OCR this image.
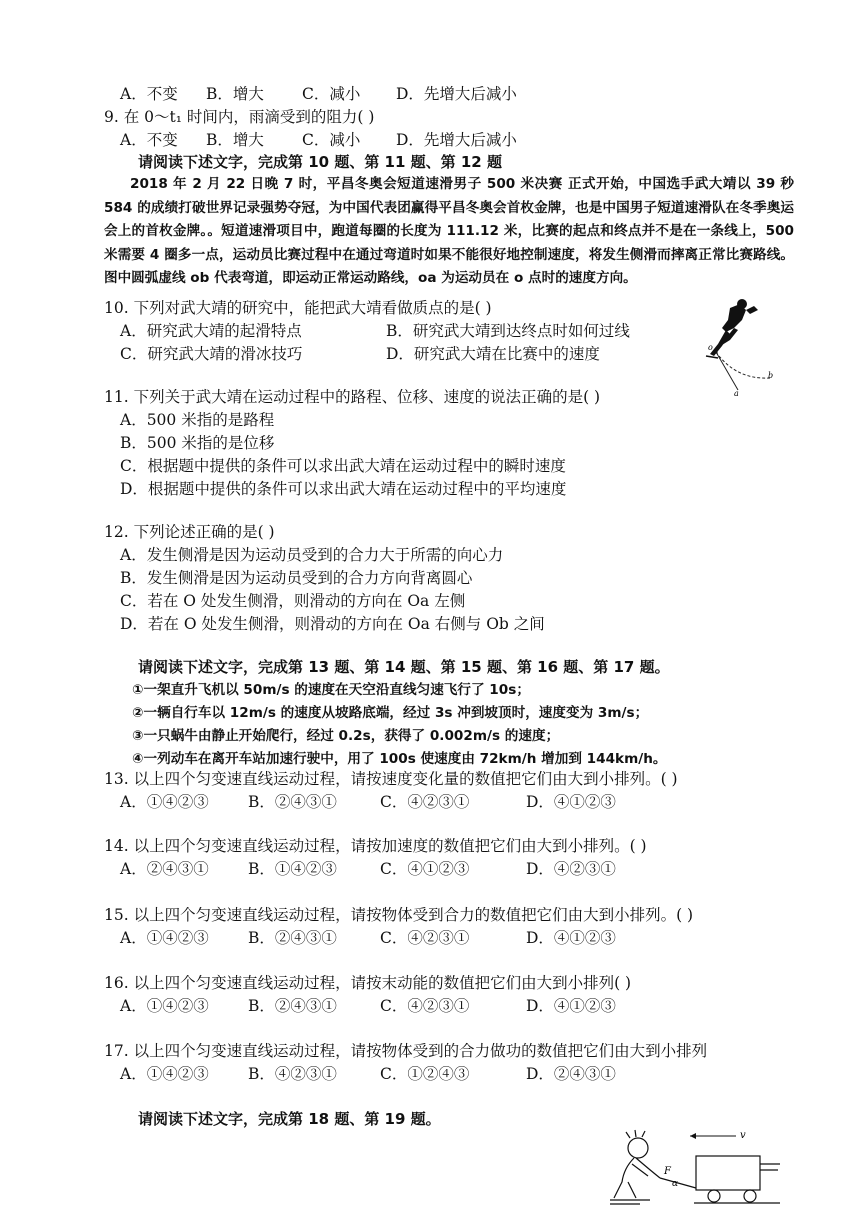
A．不变 B．增大 C．减小 D．先增大后减小
9. 在 0～t₁ 时间内，雨滴受到的阻力( )
A．不变 B．增大 C．减小 D．先增大后减小
请阅读下述文字，完成第 10 题、第 11 题、第 12 题
2018 年 2 月 22 日晚 7 时，平昌冬奥会短道速滑男子 500 米决赛 正式开始，中国选手武大靖以 39 秒 584 的成绩打破世界记录强势夺冠，为中国代表团赢得平昌冬奥会首枚金牌，也是中国男子短道速滑队在冬季奥运会上的首枚金牌。。短道速滑项目中，跑道每圈的长度为 111.12 米，比赛的起点和终点并不是在一条线上，500 米需要 4 圈多一点，运动员比赛过程中在通过弯道时如果不能很好地控制速度，将发生侧滑而摔离正常比赛路线。图中圆弧虚线 ob 代表弯道，即运动正常运动路线，oa 为运动员在 o 点时的速度方向。
10. 下列对武大靖的研究中，能把武大靖看做质点的是( )
A．研究武大靖的起滑特点	B．研究武大靖到达终点时如何过线
C．研究武大靖的滑冰技巧	D．研究武大靖在比赛中的速度	o
a
b
11. 下列关于武大靖在运动过程中的路程、位移、速度的说法正确的是( )
A．500 米指的是路程
B．500 米指的是位移
C．根据题中提供的条件可以求出武大靖在运动过程中的瞬时速度
D．根据题中提供的条件可以求出武大靖在运动过程中的平均速度
12. 下列论述正确的是( )
A．发生侧滑是因为运动员受到的合力大于所需的向心力
B．发生侧滑是因为运动员受到的合力方向背离圆心
C．若在 O 处发生侧滑，则滑动的方向在 Oa 左侧
D．若在 O 处发生侧滑，则滑动的方向在 Oa 右侧与 Ob 之间
请阅读下述文字，完成第 13 题、第 14 题、第 15 题、第 16 题、第 17 题。
①一架直升飞机以 50m/s 的速度在天空沿直线匀速飞行了 10s；
②一辆自行车以 12m/s 的速度从坡路底端，经过 3s 冲到坡顶时，速度变为 3m/s；
③一只蜗牛由静止开始爬行，经过 0.2s，获得了 0.002m/s 的速度；
④一列动车在离开车站加速行驶中，用了 100s 使速度由 72km/h 增加到 144km/h。
13. 以上四个匀变速直线运动过程，请按速度变化量的数值把它们由大到小排列。( )
A．①④②③	B．②④③①	C．④②③①	D．④①②③
14. 以上四个匀变速直线运动过程，请按加速度的数值把它们由大到小排列。( )
A．②④③①	B．①④②③	C．④①②③	D．④②③①
15. 以上四个匀变速直线运动过程，请按物体受到合力的数值把它们由大到小排列。( )
A．①④②③	B．②④③①	C．④②③①	D．④①②③
16. 以上四个匀变速直线运动过程，请按末动能的数值把它们由大到小排列( )
A．①④②③	B．②④③①	C．④②③①	D．④①②③
17. 以上四个匀变速直线运动过程，请按物体受到的合力做功的数值把它们由大到小排列
A．①④②③	B．④②③①	C．①②④③	D．②④③①
请阅读下述文字，完成第 18 题、第 19 题。
v
F
α
